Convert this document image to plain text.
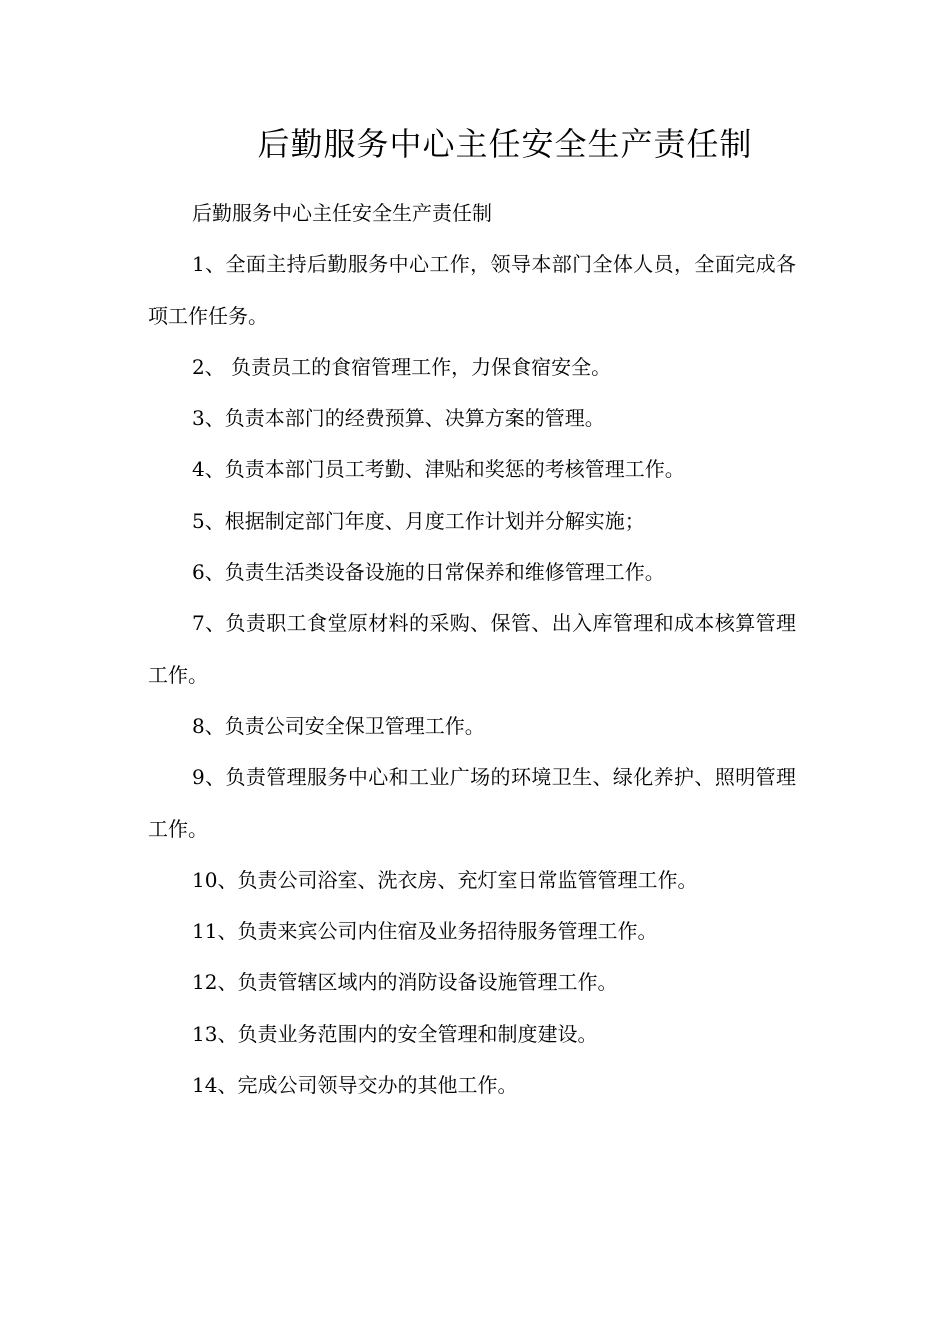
后勤服务中心主任安全生产责任制

后勤服务中心主任安全生产责任制

1、全面主持后勤服务中心工作，领导本部门全体人员，全面完成各项工作任务。

2、 负责员工的食宿管理工作，力保食宿安全。

3、负责本部门的经费预算、决算方案的管理。

4、负责本部门员工考勤、津贴和奖惩的考核管理工作。

5、根据制定部门年度、月度工作计划并分解实施；

6、负责生活类设备设施的日常保养和维修管理工作。

7、负责职工食堂原材料的采购、保管、出入库管理和成本核算管理工作。

8、负责公司安全保卫管理工作。

9、负责管理服务中心和工业广场的环境卫生、绿化养护、照明管理工作。

10、负责公司浴室、洗衣房、充灯室日常监管管理工作。

11、负责来宾公司内住宿及业务招待服务管理工作。

12、负责管辖区域内的消防设备设施管理工作。

13、负责业务范围内的安全管理和制度建设。

14、完成公司领导交办的其他工作。
